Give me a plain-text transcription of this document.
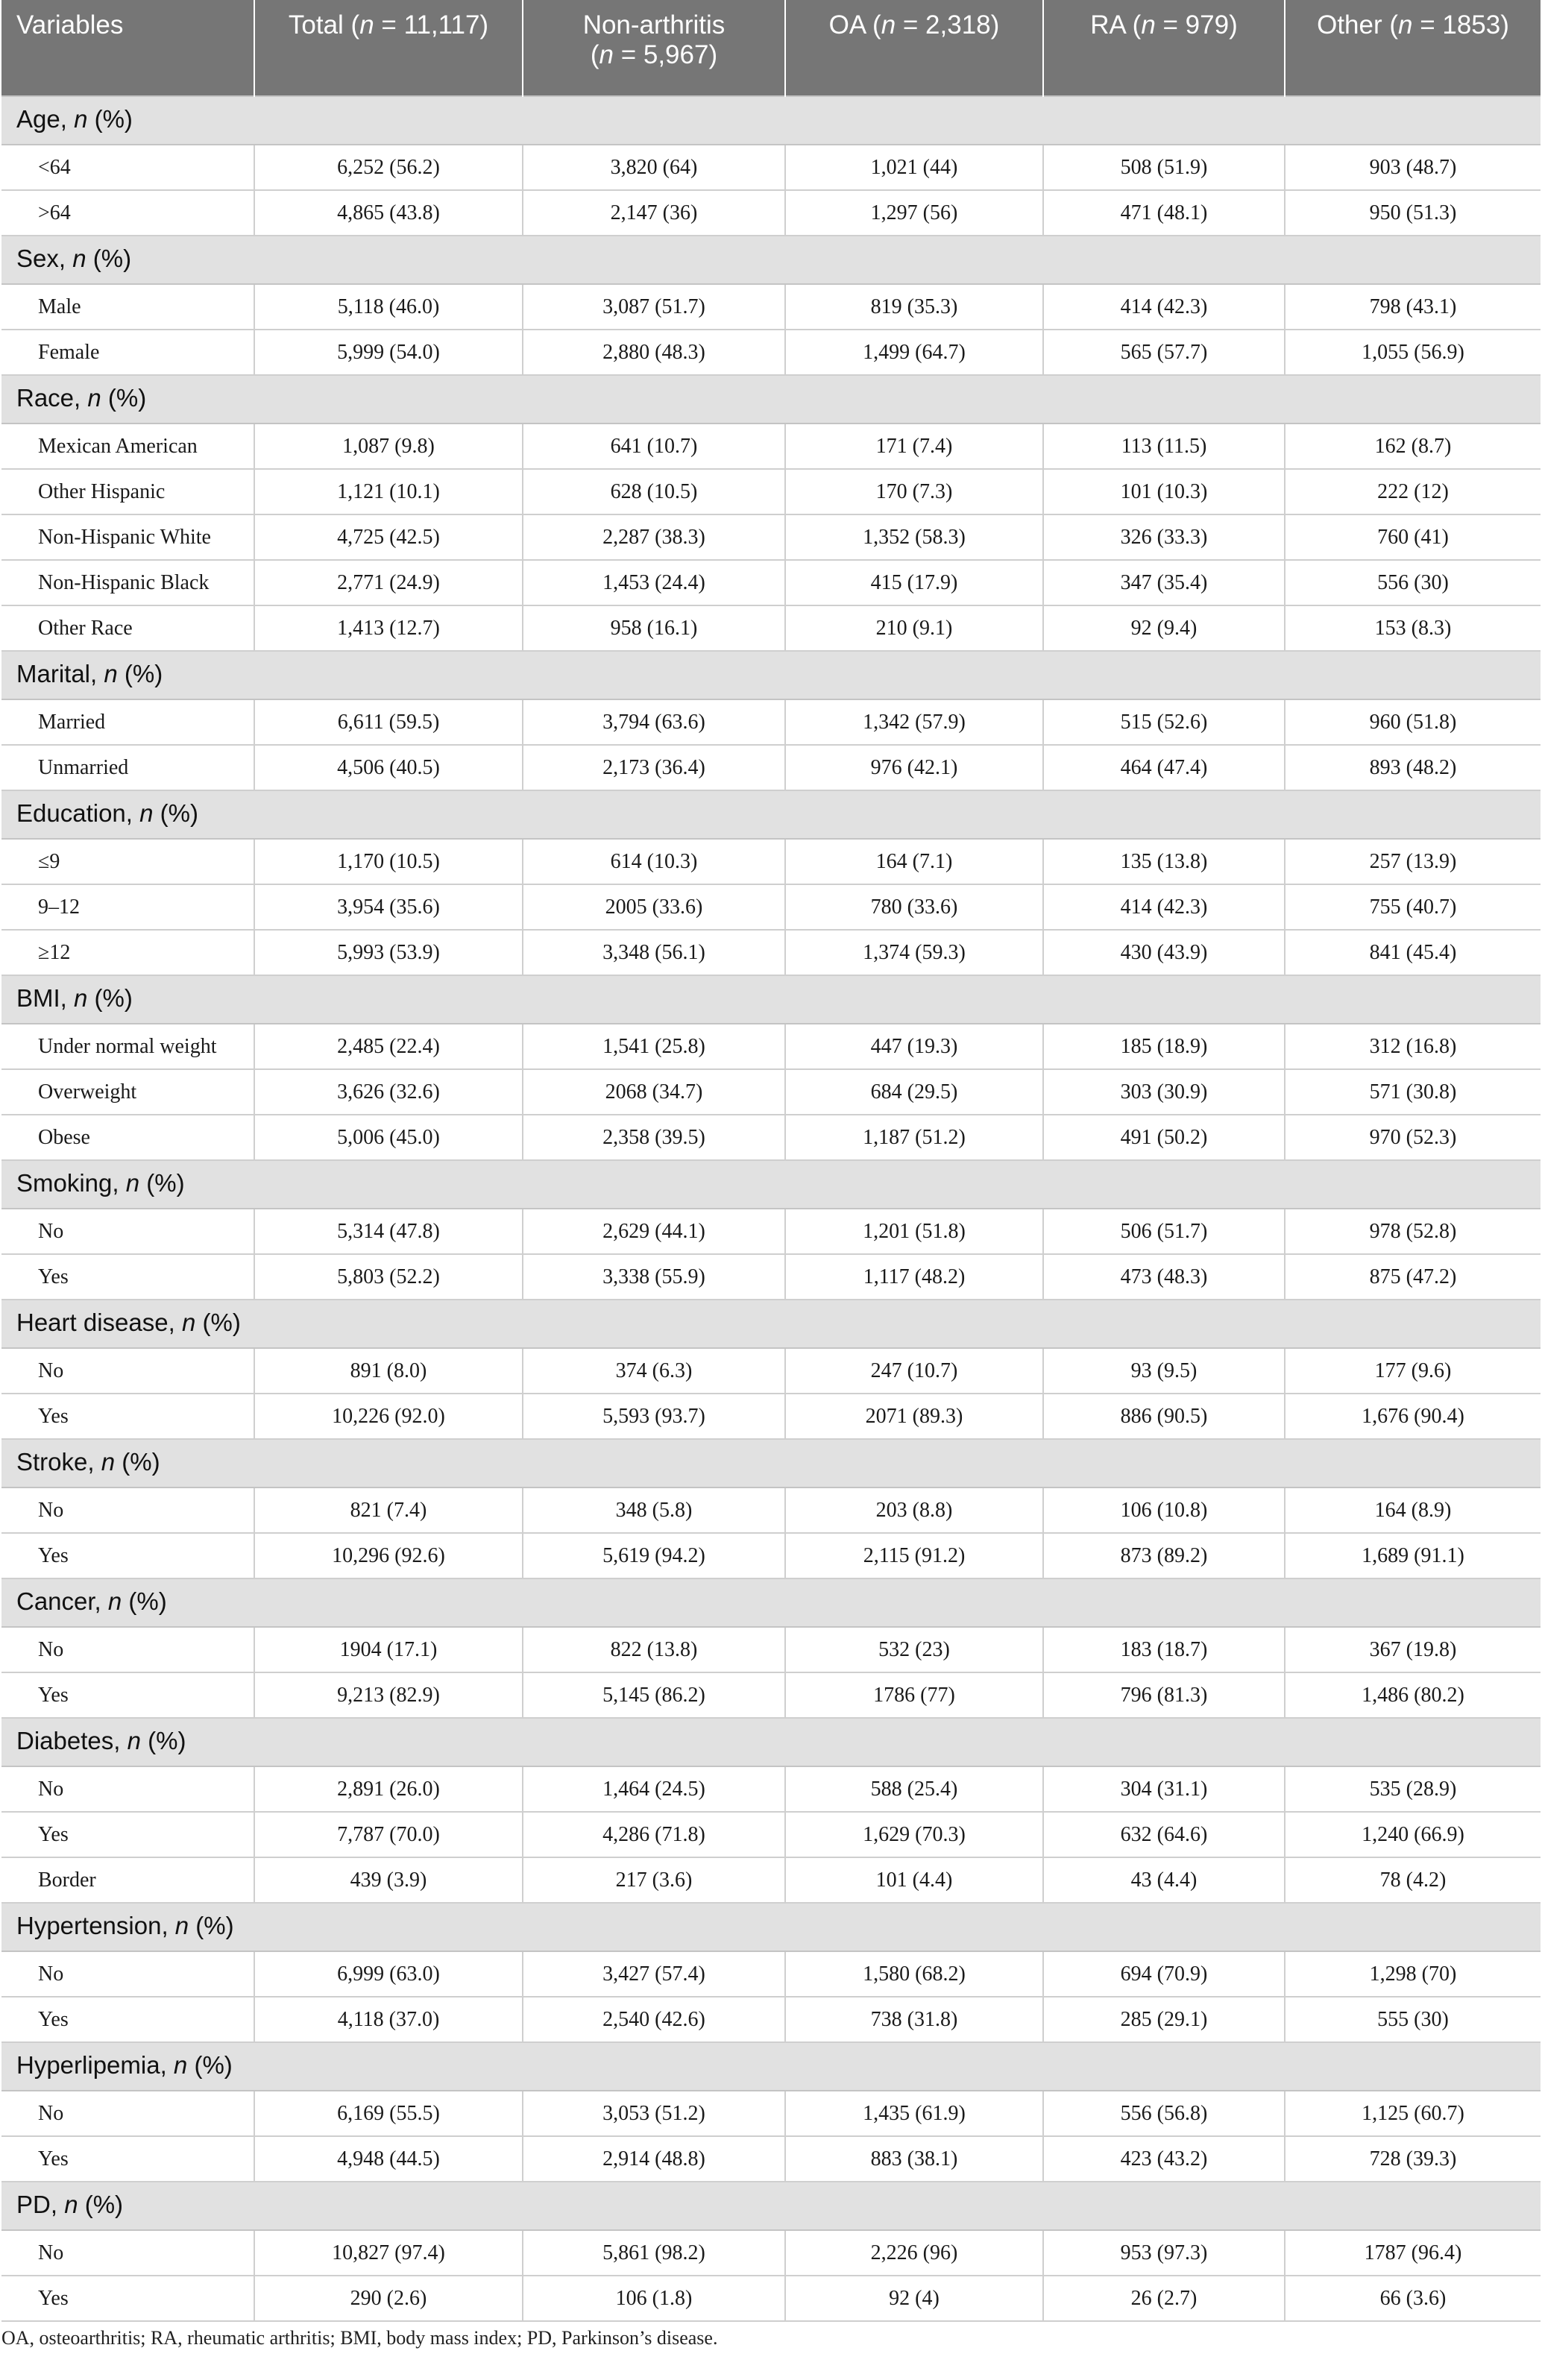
Variables	Total (n = 11,117)	Non-arthritis
(n = 5,967)	OA (n = 2,318)	RA (n = 979)	Other (n = 1853)
Age, n (%)					
<64	6,252 (56.2)	3,820 (64)	1,021 (44)	508 (51.9)	903 (48.7)
>64	4,865 (43.8)	2,147 (36)	1,297 (56)	471 (48.1)	950 (51.3)
Sex, n (%)					
Male	5,118 (46.0)	3,087 (51.7)	819 (35.3)	414 (42.3)	798 (43.1)
Female	5,999 (54.0)	2,880 (48.3)	1,499 (64.7)	565 (57.7)	1,055 (56.9)
Race, n (%)					
Mexican American	1,087 (9.8)	641 (10.7)	171 (7.4)	113 (11.5)	162 (8.7)
Other Hispanic	1,121 (10.1)	628 (10.5)	170 (7.3)	101 (10.3)	222 (12)
Non-Hispanic White	4,725 (42.5)	2,287 (38.3)	1,352 (58.3)	326 (33.3)	760 (41)
Non-Hispanic Black	2,771 (24.9)	1,453 (24.4)	415 (17.9)	347 (35.4)	556 (30)
Other Race	1,413 (12.7)	958 (16.1)	210 (9.1)	92 (9.4)	153 (8.3)
Marital, n (%)					
Married	6,611 (59.5)	3,794 (63.6)	1,342 (57.9)	515 (52.6)	960 (51.8)
Unmarried	4,506 (40.5)	2,173 (36.4)	976 (42.1)	464 (47.4)	893 (48.2)
Education, n (%)					
≤9	1,170 (10.5)	614 (10.3)	164 (7.1)	135 (13.8)	257 (13.9)
9–12	3,954 (35.6)	2005 (33.6)	780 (33.6)	414 (42.3)	755 (40.7)
≥12	5,993 (53.9)	3,348 (56.1)	1,374 (59.3)	430 (43.9)	841 (45.4)
BMI, n (%)					
Under normal weight	2,485 (22.4)	1,541 (25.8)	447 (19.3)	185 (18.9)	312 (16.8)
Overweight	3,626 (32.6)	2068 (34.7)	684 (29.5)	303 (30.9)	571 (30.8)
Obese	5,006 (45.0)	2,358 (39.5)	1,187 (51.2)	491 (50.2)	970 (52.3)
Smoking, n (%)					
No	5,314 (47.8)	2,629 (44.1)	1,201 (51.8)	506 (51.7)	978 (52.8)
Yes	5,803 (52.2)	3,338 (55.9)	1,117 (48.2)	473 (48.3)	875 (47.2)
Heart disease, n (%)					
No	891 (8.0)	374 (6.3)	247 (10.7)	93 (9.5)	177 (9.6)
Yes	10,226 (92.0)	5,593 (93.7)	2071 (89.3)	886 (90.5)	1,676 (90.4)
Stroke, n (%)					
No	821 (7.4)	348 (5.8)	203 (8.8)	106 (10.8)	164 (8.9)
Yes	10,296 (92.6)	5,619 (94.2)	2,115 (91.2)	873 (89.2)	1,689 (91.1)
Cancer, n (%)					
No	1904 (17.1)	822 (13.8)	532 (23)	183 (18.7)	367 (19.8)
Yes	9,213 (82.9)	5,145 (86.2)	1786 (77)	796 (81.3)	1,486 (80.2)
Diabetes, n (%)					
No	2,891 (26.0)	1,464 (24.5)	588 (25.4)	304 (31.1)	535 (28.9)
Yes	7,787 (70.0)	4,286 (71.8)	1,629 (70.3)	632 (64.6)	1,240 (66.9)
Border	439 (3.9)	217 (3.6)	101 (4.4)	43 (4.4)	78 (4.2)
Hypertension, n (%)					
No	6,999 (63.0)	3,427 (57.4)	1,580 (68.2)	694 (70.9)	1,298 (70)
Yes	4,118 (37.0)	2,540 (42.6)	738 (31.8)	285 (29.1)	555 (30)
Hyperlipemia, n (%)					
No	6,169 (55.5)	3,053 (51.2)	1,435 (61.9)	556 (56.8)	1,125 (60.7)
Yes	4,948 (44.5)	2,914 (48.8)	883 (38.1)	423 (43.2)	728 (39.3)
PD, n (%)					
No	10,827 (97.4)	5,861 (98.2)	2,226 (96)	953 (97.3)	1787 (96.4)
Yes	290 (2.6)	106 (1.8)	92 (4)	26 (2.7)	66 (3.6)
OA, osteoarthritis; RA, rheumatic arthritis; BMI, body mass index; PD, Parkinson’s disease.
